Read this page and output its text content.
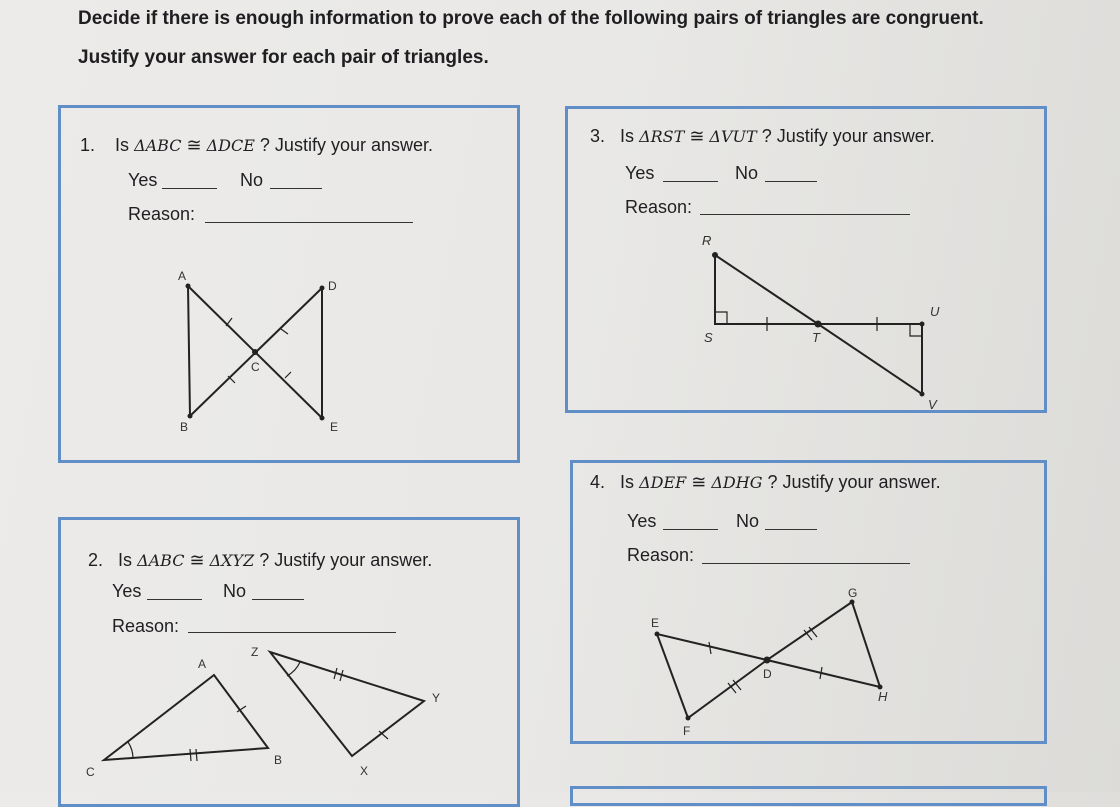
Decide if there is enough information to prove each of the following pairs of triangles are congruent.
Justify your answer for each pair of triangles.
1. Is ΔABC ≅ ΔDCE ? Justify your answer.
Yes	No
Reason:
A
B
C
D
E
2. Is ΔABC ≅ ΔXYZ ? Justify your answer.
Yes	No
Reason:
C
A
B
Z
Y
X
3. Is ΔRST ≅ ΔVUT ? Justify your answer.
Yes	No
Reason:
R
S	T
U
V
4. Is ΔDEF ≅ ΔDHG ? Justify your answer.
Yes	No
Reason:
E
F
D
G
H
